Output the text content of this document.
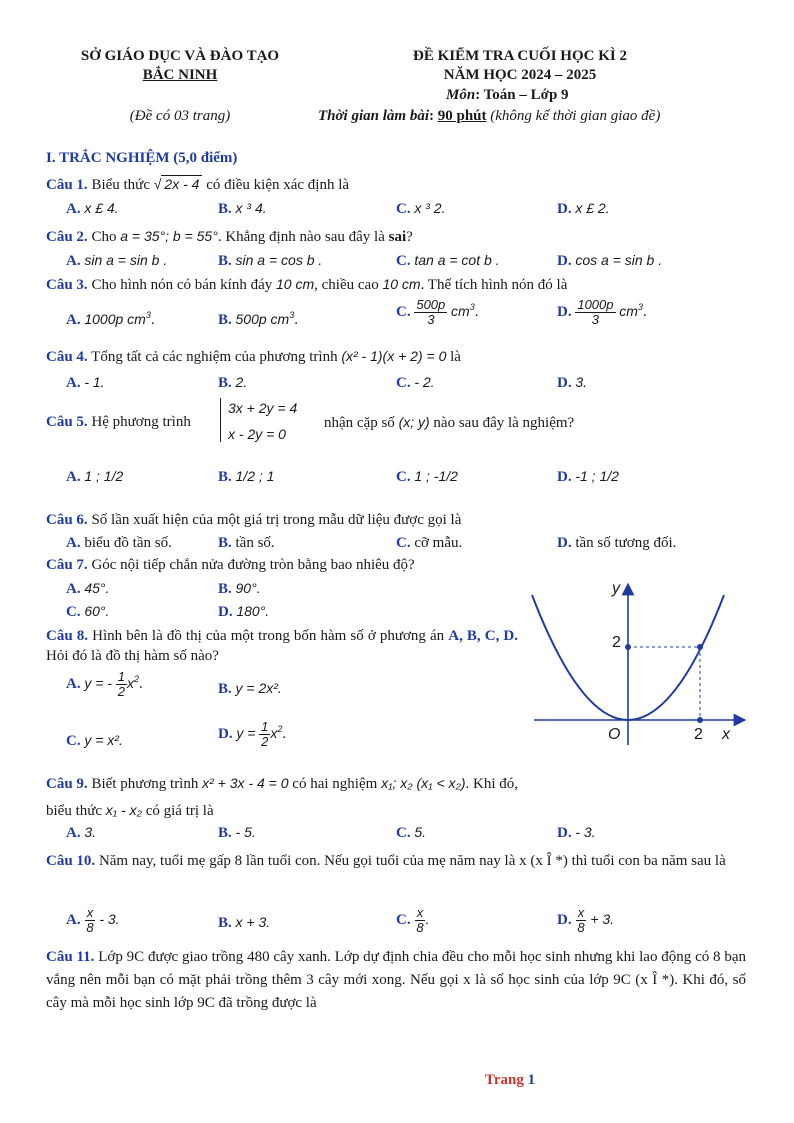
SỞ GIÁO DỤC VÀ ĐÀO TẠO
BẮC NINH
(Đề có 03 trang)
ĐỀ KIỂM TRA CUỐI HỌC KÌ 2
NĂM HỌC 2024 – 2025
Môn: Toán – Lớp 9
Thời gian làm bài: 90 phút (không kể thời gian giao đề)
I. TRẮC NGHIỆM (5,0 điểm)
Câu 1. Biểu thức √ 2x - 4 có điều kiện xác định là
A. x £ 4.	B. x ³ 4.	C. x ³ 2.	D. x £ 2.
Câu 2. Cho a = 35°; b = 55°. Khẳng định nào sau đây là sai?
A. sin a = sin b .	B. sin a = cos b .	C. tan a = cot b .	D. cos a = sin b .
Câu 3. Cho hình nón có bán kính đáy 10 cm, chiều cao 10 cm. Thể tích hình nón đó là
A. 1000p $cm^3$.	B. 500p $cm^3$.
C. $\frac{500p}{3} cm^3$.	D. $\frac{1000p}{3} cm^3$.
Câu 4. Tổng tất cả các nghiệm của phương trình (x² - 1)(x + 2) = 0 là
A. - 1.	B. 2.	C. - 2.	D. 3.
Câu 5. Hệ phương trình
3x + 2y = 4
x - 2y = 0
nhận cặp số (x; y) nào sau đây là nghiệm?
A. 1 ; 1/2	B. 1/2 ; 1	C. 1 ; -1/2	D. -1 ; 1/2
Câu 6. Số lần xuất hiện của một giá trị trong mẫu dữ liệu được gọi là
A. biểu đồ tần số.	B. tần số.	C. cỡ mẫu.	D. tần số tương đối.
Câu 7. Góc nội tiếp chắn nửa đường tròn bằng bao nhiêu độ?
A. 45°.	B. 90°.
C. 60°.	D. 180°.
Câu 8. Hình bên là đồ thị của một trong bốn hàm số ở phương án A, B, C, D. Hỏi đó là đồ thị hàm số nào?
A. y = - $\frac{1}{2} x^2$.	B. y = 2x².
C. y = x².	D. $y = \frac{1}{2} x^2$.
y
x
O
2
2
Câu 9. Biết phương trình x² + 3x - 4 = 0 có hai nghiệm x₁; x₂ (x₁ < x₂). Khi đó, biểu thức x₁ - x₂ có giá trị là
A. 3.	B. - 5.	C. 5.	D. - 3.
Câu 10. Năm nay, tuổi mẹ gấp 8 lần tuổi con. Nếu gọi tuổi của mẹ năm nay là x (x Î *) thì tuổi con ba năm sau là
A. $\frac{x}{8} - 3$.	B. x + 3.	C. $\frac{x}{8}$ .	D. $\frac{x}{8} + 3$.
Câu 11. Lớp 9C được giao trồng 480 cây xanh. Lớp dự định chia đều cho mỗi học sinh nhưng khi lao động có 8 bạn vắng nên mỗi bạn có mặt phải trồng thêm 3 cây mới xong. Nếu gọi x là số học sinh của lớp 9C (x Î *). Khi đó, số cây mà mỗi học sinh lớp 9C đã trồng được là
Trang 1
